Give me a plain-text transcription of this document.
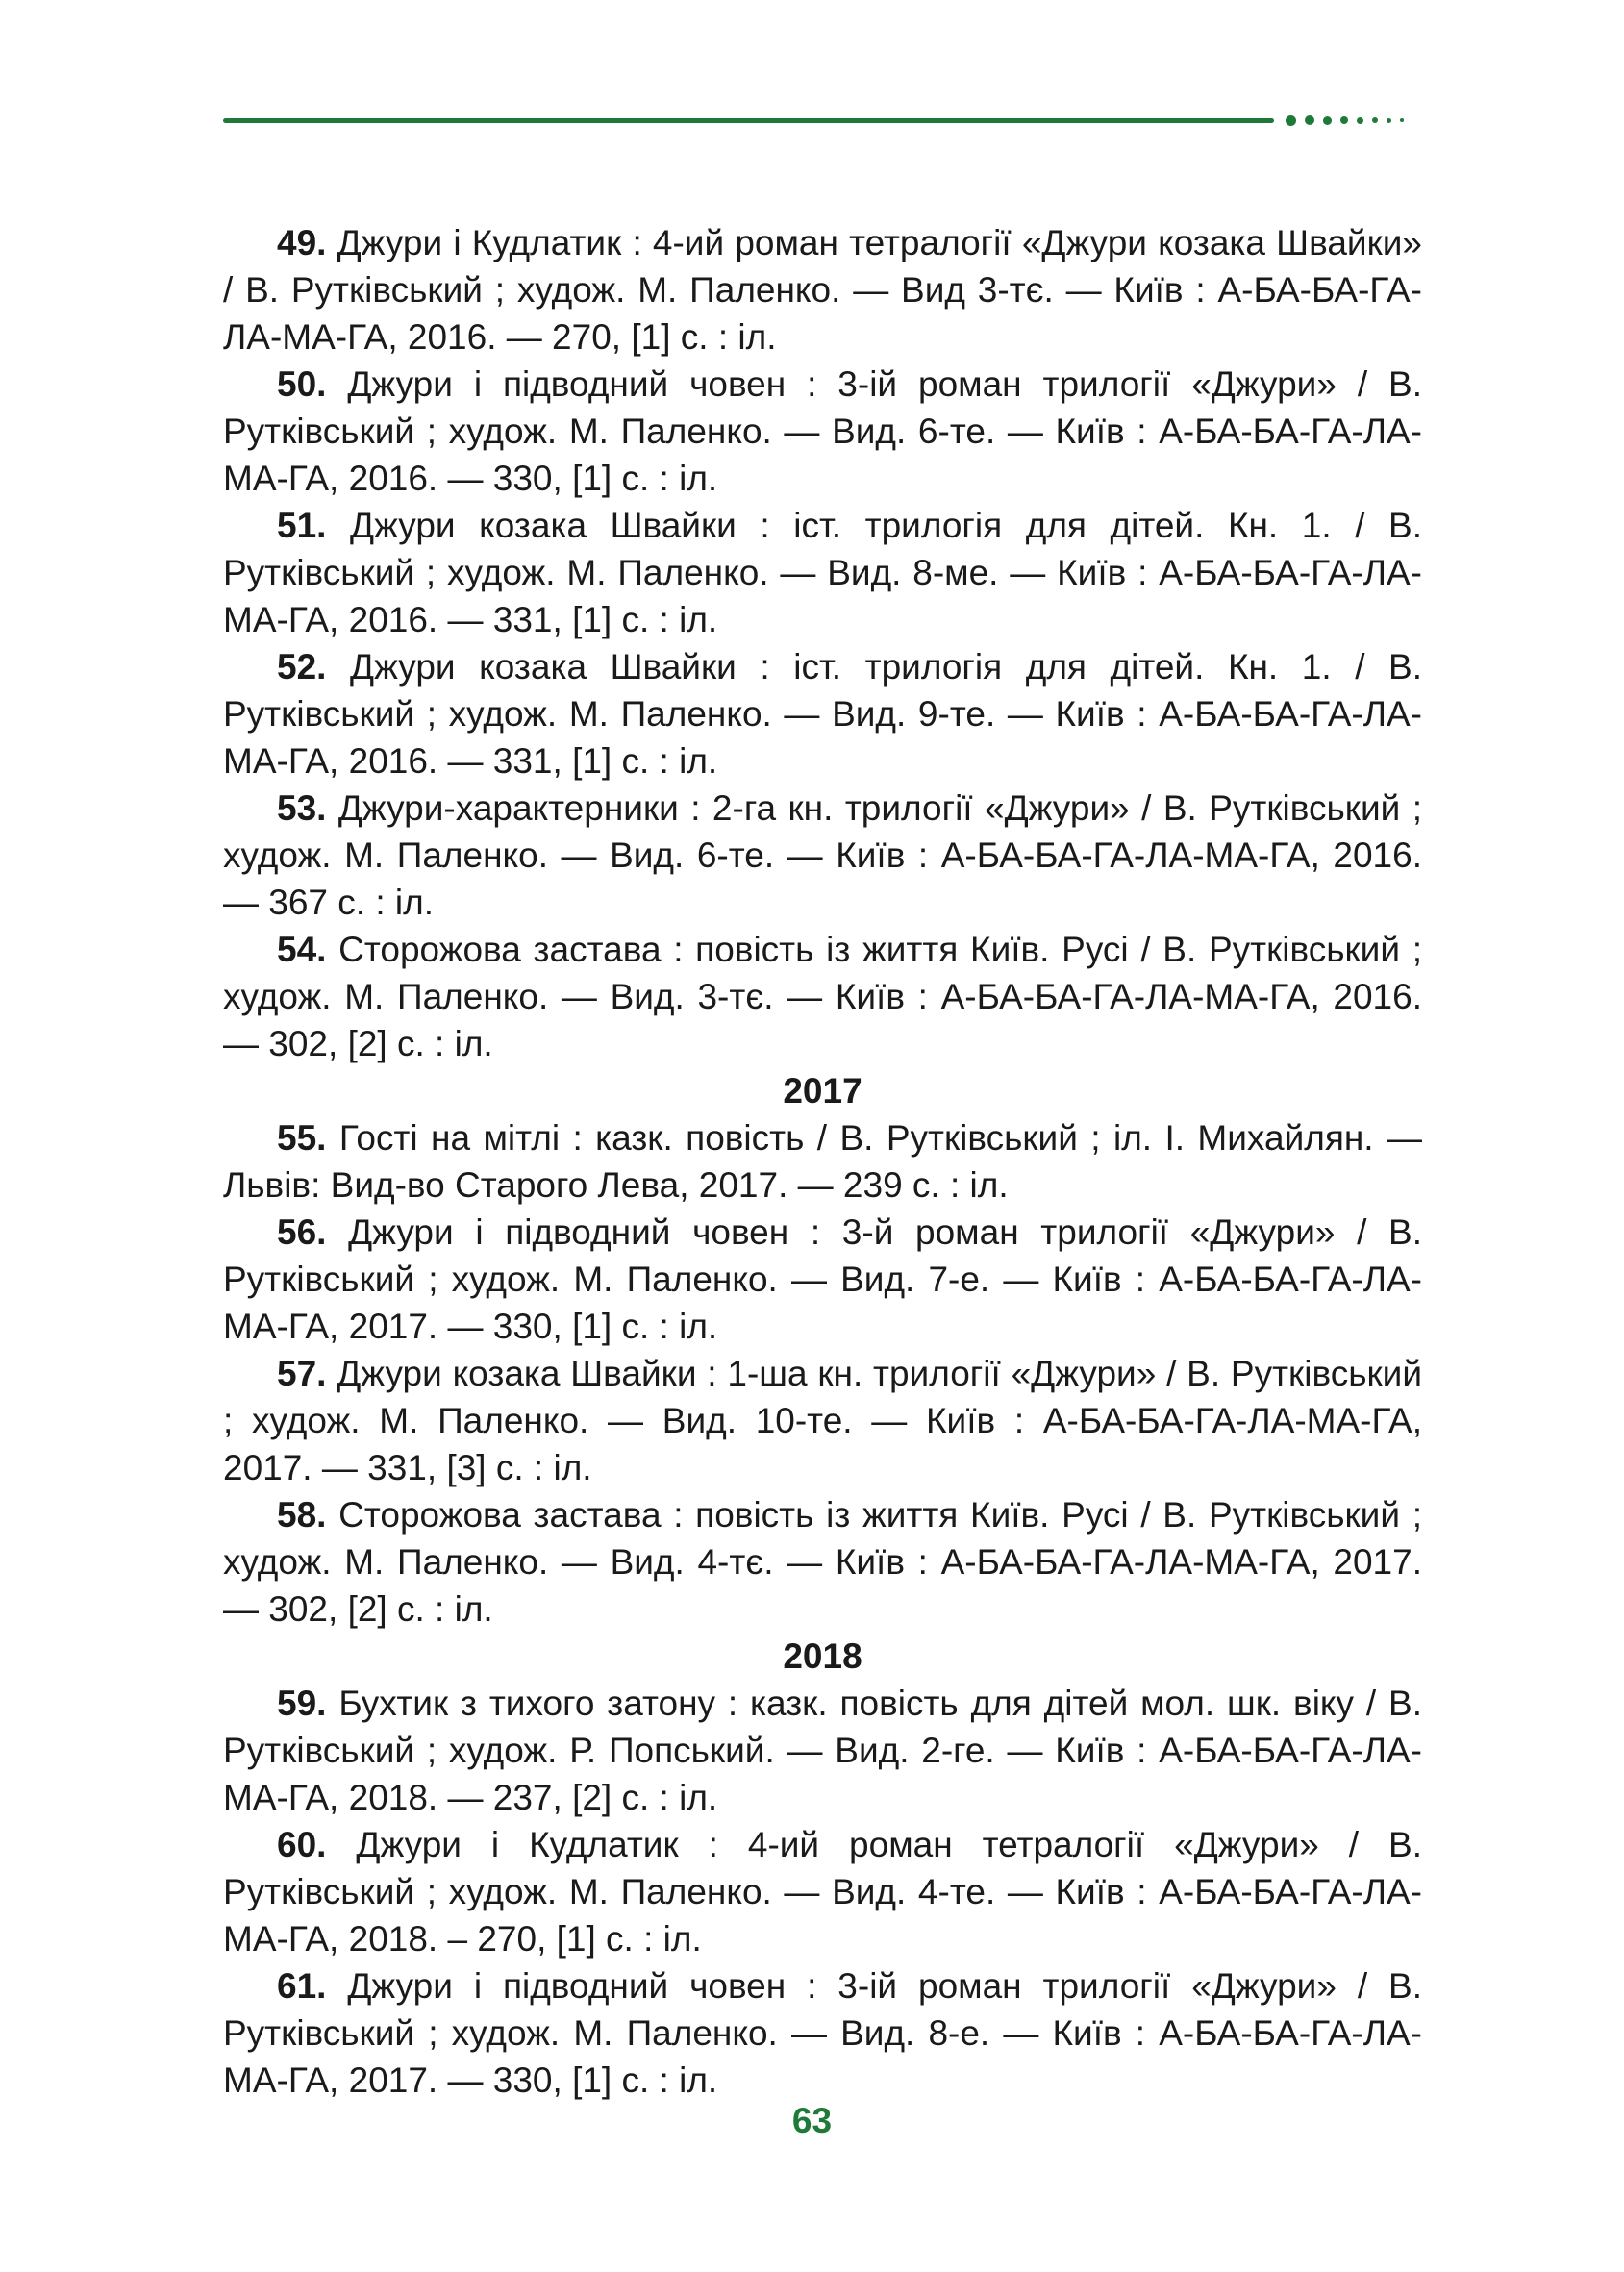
49. Джури і Кудлатик : 4-ий роман тетралогії «Джури козака Швайки» / В. Рутківський ; худож. М. Паленко. — Вид 3-тє. — Київ : А-БА-БА-ГА-ЛА-МА-ГА, 2016. — 270, [1] с. : іл.

50. Джури і підводний човен : 3-ій роман трилогії «Джури» / В. Рутківський ; худож. М. Паленко. — Вид. 6-те. — Київ : А-БА-БА-ГА-ЛА-МА-ГА, 2016. — 330, [1] с. : іл.

51. Джури козака Швайки : іст. трилогія для дітей. Кн. 1. / В. Рутківський ; худож. М. Паленко. — Вид. 8-ме. — Київ : А-БА-БА-ГА-ЛА-МА-ГА, 2016. — 331, [1] с. : іл.

52. Джури козака Швайки : іст. трилогія для дітей. Кн. 1. / В. Рутківський ; худож. М. Паленко. — Вид. 9-те. — Київ : А-БА-БА-ГА-ЛА-МА-ГА, 2016. — 331, [1] с. : іл.

53. Джури-характерники : 2-га кн. трилогії «Джури» / В. Рутківський ; худож. М. Паленко. — Вид. 6-те. — Київ : А-БА-БА-ГА-ЛА-МА-ГА, 2016. — 367 с. : іл.

54. Сторожова застава : повість із життя Київ. Русі / В. Рутківський ; худож. М. Паленко. — Вид. 3-тє. — Київ : А-БА-БА-ГА-ЛА-МА-ГА, 2016. — 302, [2] с. : іл.

2017

55. Гості на мітлі : казк. повість / В. Рутківський ; іл. І. Михайлян. — Львів: Вид-во Старого Лева, 2017. — 239 с. : іл.

56. Джури і підводний човен : 3-й роман трилогії «Джури» / В. Рутківський ; худож. М. Паленко. — Вид. 7-е. — Київ : А-БА-БА-ГА-ЛА-МА-ГА, 2017. — 330, [1] с. : іл.

57. Джури козака Швайки : 1-ша кн. трилогії «Джури» / В. Рутківський ; худож. М. Паленко. — Вид. 10-те. — Київ : А-БА-БА-ГА-ЛА-МА-ГА, 2017. — 331, [3] с. : іл.

58. Сторожова застава : повість із життя Київ. Русі / В. Рутківський ; худож. М. Паленко. — Вид. 4-тє. — Київ : А-БА-БА-ГА-ЛА-МА-ГА, 2017. — 302, [2] с. : іл.

2018

59. Бухтик з тихого затону : казк. повість для дітей мол. шк. віку / В. Рутківський ; худож. Р. Попський. — Вид. 2-ге. — Київ : А-БА-БА-ГА-ЛА-МА-ГА, 2018. — 237, [2] с. : іл.

60. Джури і Кудлатик : 4-ий роман тетралогії «Джури» / В. Рутківський ; худож. М. Паленко. — Вид. 4-те. — Київ : А-БА-БА-ГА-ЛА-МА-ГА, 2018. – 270, [1] с. : іл.

61. Джури і підводний човен : 3-ій роман трилогії «Джури» / В. Рутківський ; худож. М. Паленко. — Вид. 8-е. — Київ : А-БА-БА-ГА-ЛА-МА-ГА, 2017. — 330, [1] с. : іл.

63
